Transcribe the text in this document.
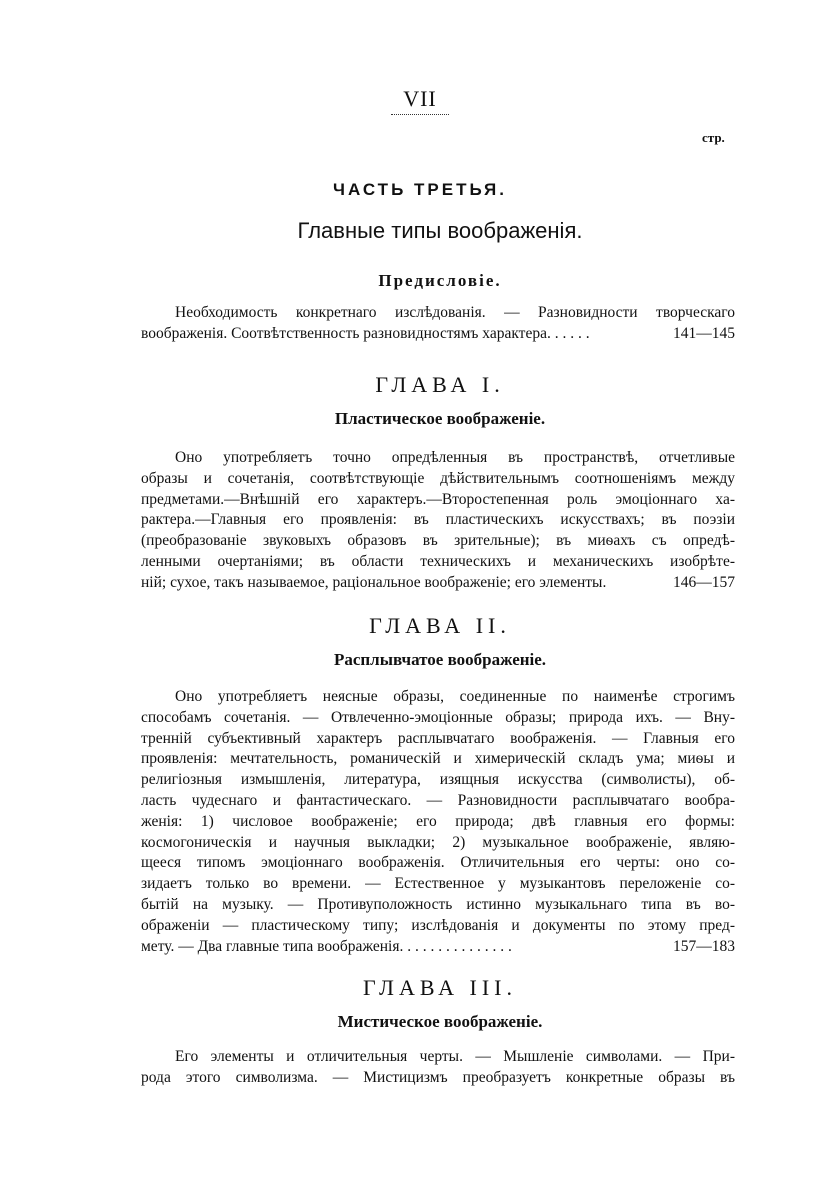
VII
стр.
ЧАСТЬ ТРЕТЬЯ.
Главные типы воображенія.
Предисловіе.
Необходимость конкретнаго изслѣдованія. — Разновидности творческаго
воображенія. Соотвѣтственность разновидностямъ характера. . . . . .	141—145
ГЛАВА I.
Пластическое воображеніе.
Оно употребляетъ точно опредѣленныя въ пространствѣ, отчетливые
образы и сочетанія, соотвѣтствующіе дѣйствительнымъ соотношеніямъ между
предметами.—Внѣшній его характеръ.—Второстепенная роль эмоціоннаго ха-
рактера.—Главныя его проявленія: въ пластическихъ искусствахъ; въ поэзіи
(преобразованіе звуковыхъ образовъ въ зрительные); въ миѳахъ съ опредѣ-
ленными очертаніями; въ области техническихъ и механическихъ изобрѣте-
ній; сухое, такъ называемое, раціональное воображеніе; его элементы.	146—157
ГЛАВА II.
Расплывчатое воображеніе.
Оно употребляетъ неясные образы, соединенные по наименѣе строгимъ
способамъ сочетанія. — Отвлеченно-эмоціонные образы; природа ихъ. — Вну-
тренній субъективный характеръ расплывчатаго воображенія. — Главныя его
проявленія: мечтательность, романическій и химерическій складъ ума; миѳы и
религіозныя измышленія, литература, изящныя искусства (символисты), об-
ласть чудеснаго и фантастическаго. — Разновидности расплывчатаго вообра-
женія: 1) числовое воображеніе; его природа; двѣ главныя его формы:
космогоническія и научныя выкладки; 2) музыкальное воображеніе, являю-
щееся типомъ эмоціоннаго воображенія. Отличительныя его черты: оно со-
зидаетъ только во времени. — Естественное у музыкантовъ переложеніе со-
бытій на музыку. — Противуположность истинно музыкальнаго типа въ во-
ображеніи — пластическому типу; изслѣдованія и документы по этому пред-
мету. — Два главные типа воображенія. . . . . . . . . . . . . . .	157—183
ГЛАВА III.
Мистическое воображеніе.
Его элементы и отличительныя черты. — Мышленіе символами. — При-
рода этого символизма. — Мистицизмъ преобразуетъ конкретные образы въ
